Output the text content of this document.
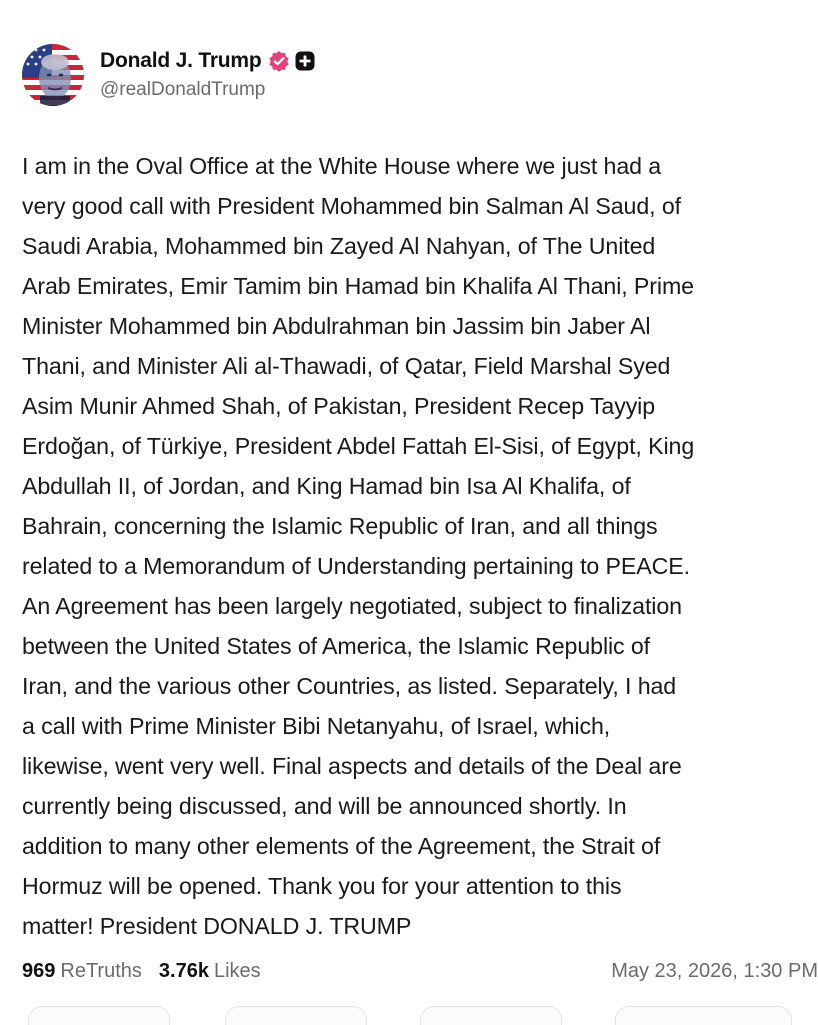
Donald J. Trump
@realDonaldTrump
I am in the Oval Office at the White House where we just had a
very good call with President Mohammed bin Salman Al Saud, of
Saudi Arabia, Mohammed bin Zayed Al Nahyan, of The United
Arab Emirates, Emir Tamim bin Hamad bin Khalifa Al Thani, Prime
Minister Mohammed bin Abdulrahman bin Jassim bin Jaber Al
Thani, and Minister Ali al-Thawadi, of Qatar, Field Marshal Syed
Asim Munir Ahmed Shah, of Pakistan, President Recep Tayyip
Erdoğan, of Türkiye, President Abdel Fattah El-Sisi, of Egypt, King
Abdullah II, of Jordan, and King Hamad bin Isa Al Khalifa, of
Bahrain, concerning the Islamic Republic of Iran, and all things
related to a Memorandum of Understanding pertaining to PEACE.
An Agreement has been largely negotiated, subject to finalization
between the United States of America, the Islamic Republic of
Iran, and the various other Countries, as listed. Separately, I had
a call with Prime Minister Bibi Netanyahu, of Israel, which,
likewise, went very well. Final aspects and details of the Deal are
currently being discussed, and will be announced shortly. In
addition to many other elements of the Agreement, the Strait of
Hormuz will be opened. Thank you for your attention to this
matter! President DONALD J. TRUMP
969 ReTruths 3.76k Likes	May 23, 2026, 1:30 PM
